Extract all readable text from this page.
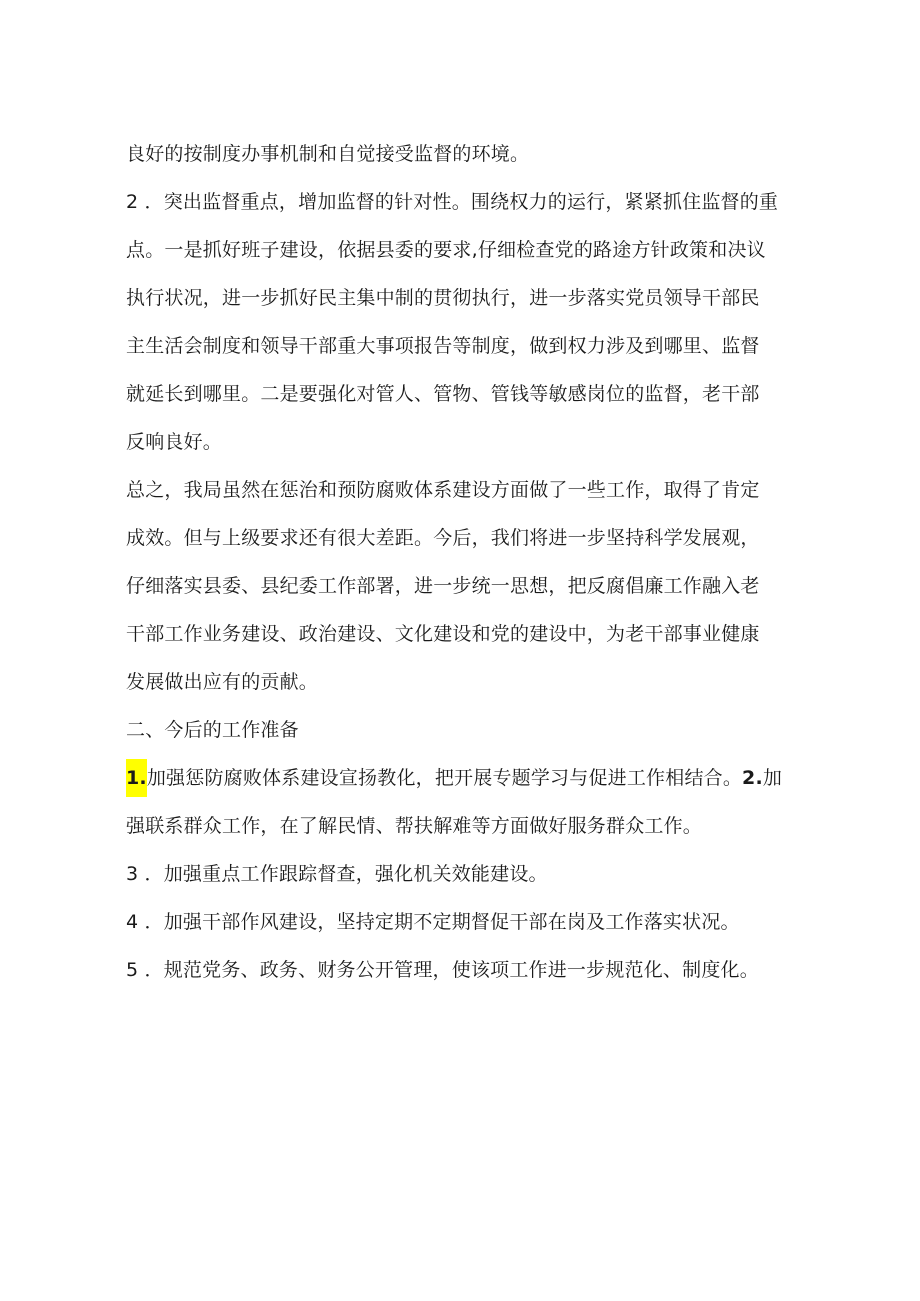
良好的按制度办事机制和自觉接受监督的环境。
2 ．突出监督重点，增加监督的针对性。围绕权力的运行，紧紧抓住监督的重
点。一是抓好班子建设，依据县委的要求,仔细检查党的路途方针政策和决议
执行状况，进一步抓好民主集中制的贯彻执行，进一步落实党员领导干部民
主生活会制度和领导干部重大事项报告等制度，做到权力涉及到哪里、监督
就延长到哪里。二是要强化对管人、管物、管钱等敏感岗位的监督，老干部
反响良好。
总之，我局虽然在惩治和预防腐败体系建设方面做了一些工作，取得了肯定
成效。但与上级要求还有很大差距。今后，我们将进一步坚持科学发展观，
仔细落实县委、县纪委工作部署，进一步统一思想，把反腐倡廉工作融入老
干部工作业务建设、政治建设、文化建设和党的建设中，为老干部事业健康
发展做出应有的贡献。
二、今后的工作准备
1.加强惩防腐败体系建设宣扬教化，把开展专题学习与促进工作相结合。2.加
强联系群众工作，在了解民情、帮扶解难等方面做好服务群众工作。
3 ．加强重点工作跟踪督查，强化机关效能建设。
4 ．加强干部作风建设，坚持定期不定期督促干部在岗及工作落实状况。
5 ．规范党务、政务、财务公开管理，使该项工作进一步规范化、制度化。
